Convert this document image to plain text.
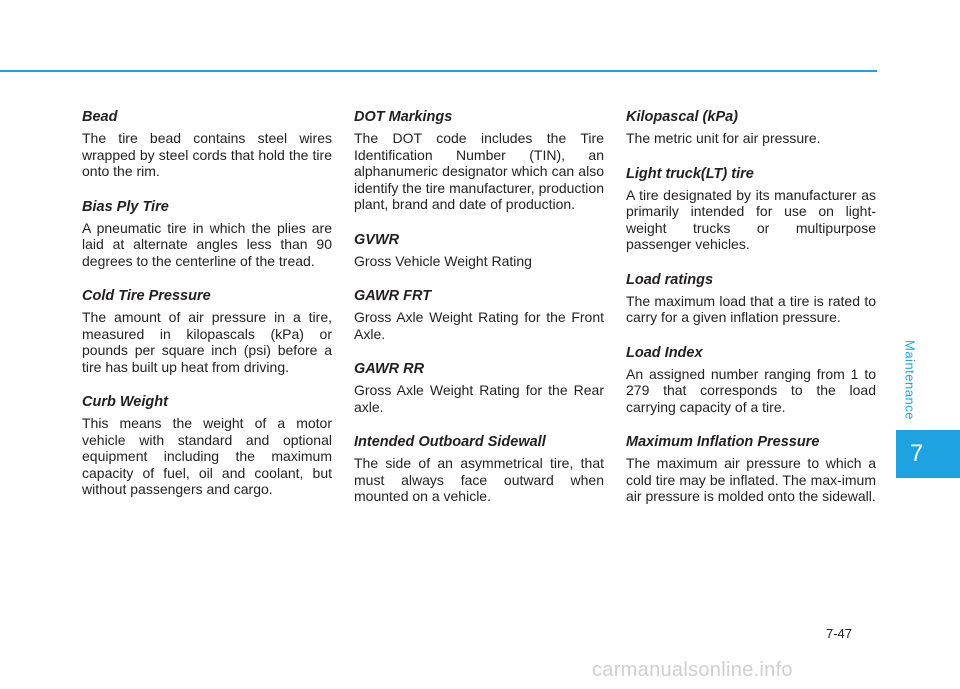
Bead

The tire bead contains steel wires wrapped by steel cords that hold the tire onto the rim.

Bias Ply Tire

A pneumatic tire in which the plies are laid at alternate angles less than 90 degrees to the centerline of the tread.

Cold Tire Pressure

The amount of air pressure in a tire, measured in kilopascals (kPa) or pounds per square inch (psi) before a tire has built up heat from driving.

Curb Weight

This means the weight of a motor vehicle with standard and optional equipment including the maximum capacity of fuel, oil and coolant, but without passengers and cargo.

DOT Markings

The DOT code includes the Tire Identification Number (TIN), an alphanumeric designator which can also identify the tire manufacturer, production plant, brand and date of production.

GVWR

Gross Vehicle Weight Rating

GAWR FRT

Gross Axle Weight Rating for the Front Axle.

GAWR RR

Gross Axle Weight Rating for the Rear axle.

Intended Outboard Sidewall

The side of an asymmetrical tire, that must always face outward when mounted on a vehicle.

Kilopascal (kPa)

The metric unit for air pressure.

Light truck(LT) tire

A tire designated by its manufacturer as primarily intended for use on light-weight trucks or multipurpose passenger vehicles.

Load ratings

The maximum load that a tire is rated to carry for a given inflation pressure.

Load Index

An assigned number ranging from 1 to 279 that corresponds to the load carrying capacity of a tire.

Maximum Inflation Pressure

The maximum air pressure to which a cold tire may be inflated. The max-imum air pressure is molded onto the sidewall.

Maintenance
7
7-47
carmanualsonline.info
